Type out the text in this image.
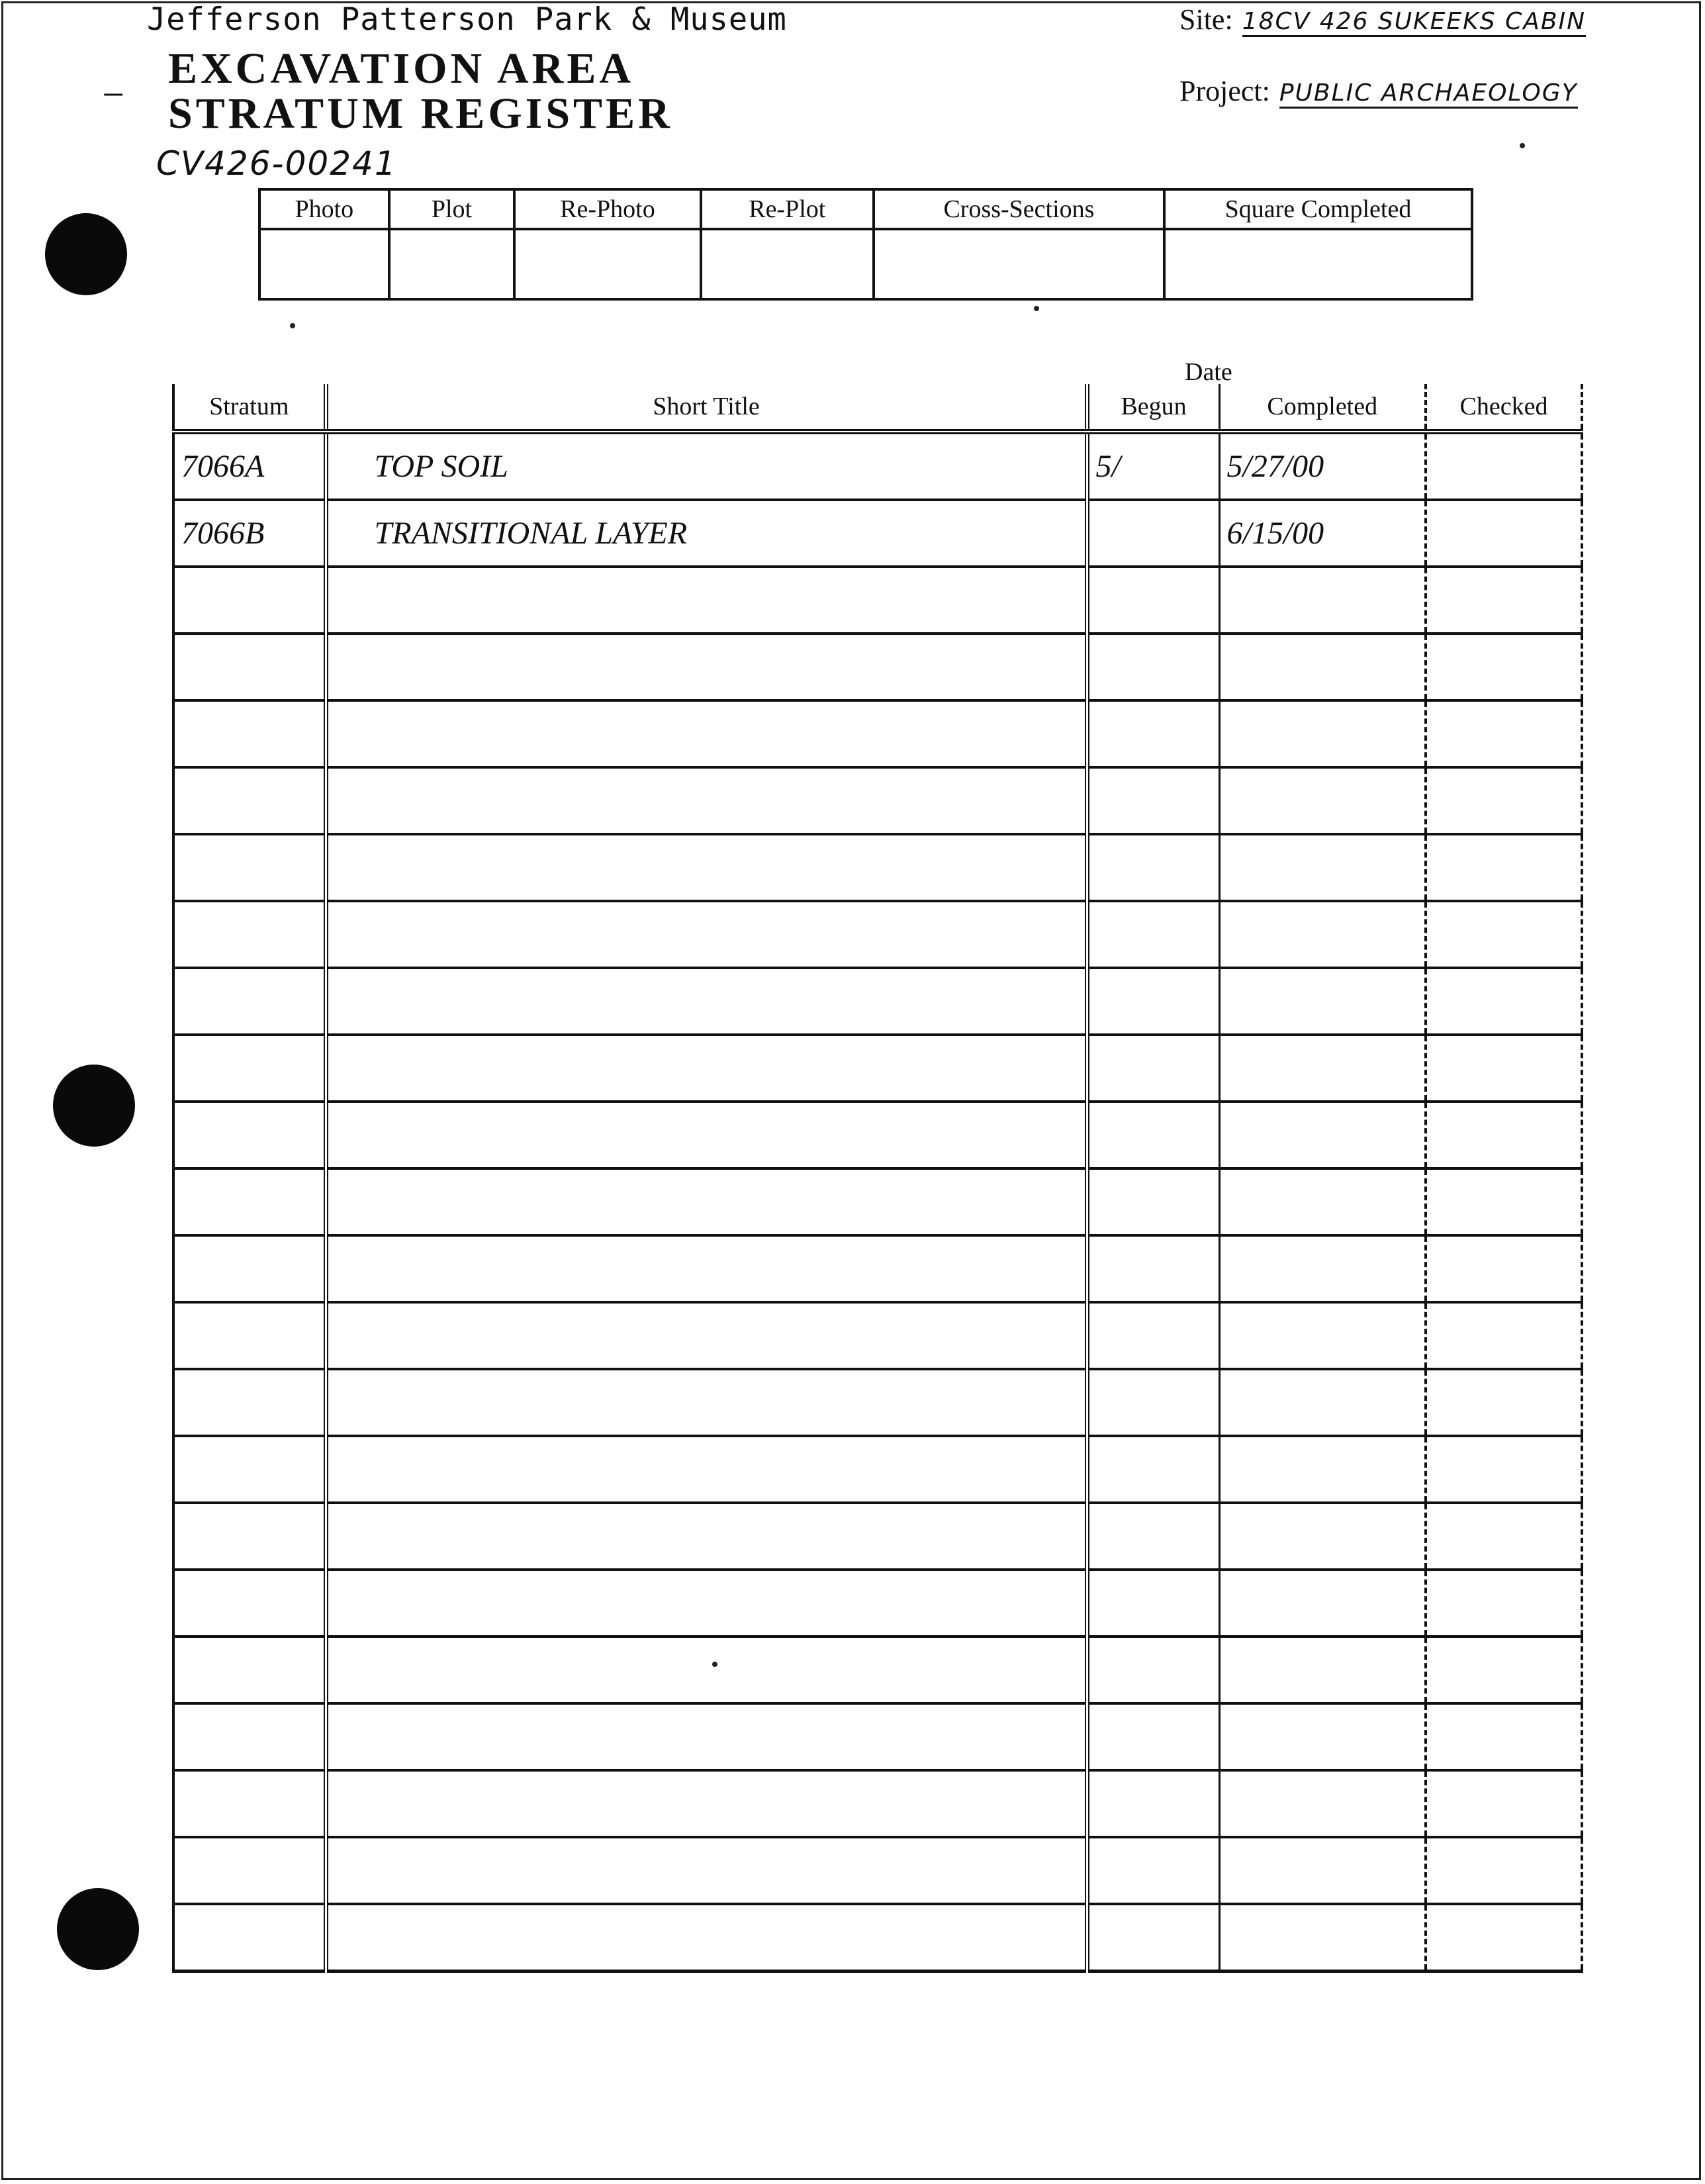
Jefferson Patterson Park & Museum
_ EXCAVATION AREA
STRATUM REGISTER
CV426-00241
Site: 18CV 426 SUKEEKS CABIN
Project: PUBLIC ARCHAEOLOGY
Photo	Plot	Re-Photo	Re-Plot	Cross-Sections	Square Completed

Date
Stratum	Short Title	Begun	Completed	Checked
7066A	TOP SOIL	5/	5/27/00	
7066B	TRANSITIONAL LAYER		6/15/00	
